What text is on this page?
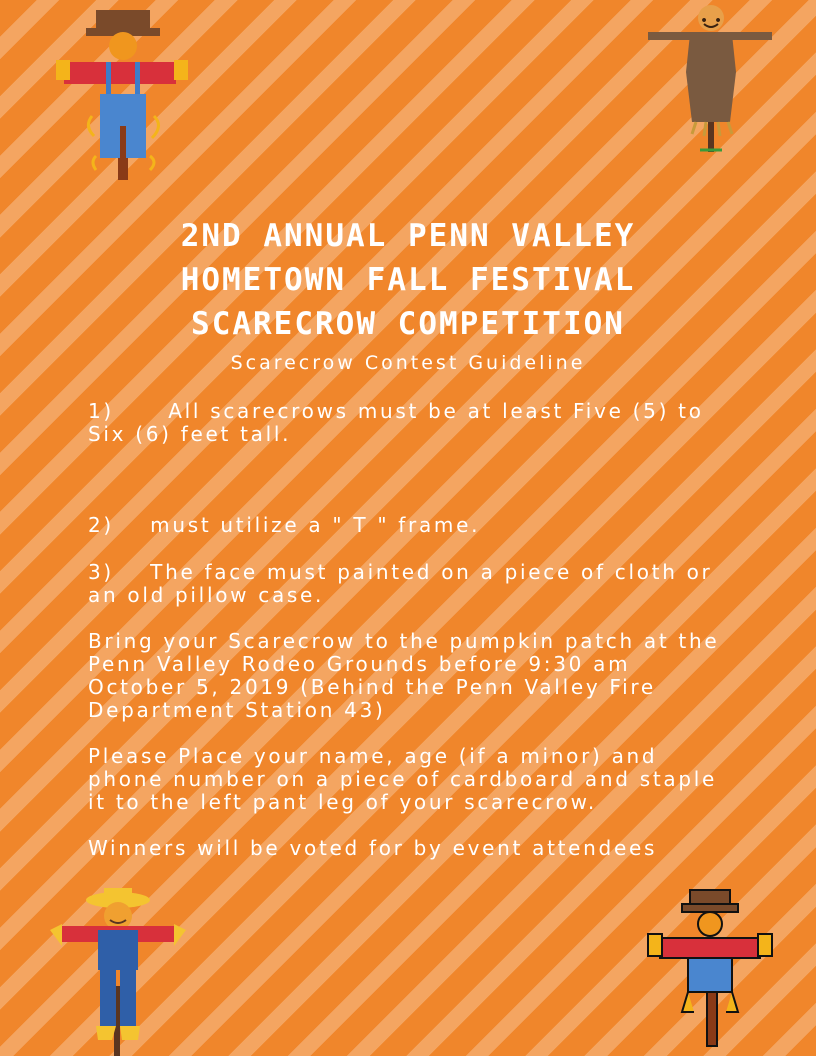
2ND ANNUAL PENN VALLEY
HOMETOWN FALL FESTIVAL
SCARECROW COMPETITION
Scarecrow Contest Guideline

1)      All scarecrows must be at least Five (5) to Six (6) feet tall.

2)    must utilize a " T " frame.

3)    The face must painted on a piece of cloth or an old pillow case.

Bring your Scarecrow to the pumpkin patch at the Penn Valley Rodeo Grounds before 9:30 am October 5, 2019 (Behind the Penn Valley Fire Department Station 43)

Please Place your name, age (if a minor) and phone number on a piece of cardboard and staple it to the left pant leg of your scarecrow.

Winners will be voted for by event attendees
